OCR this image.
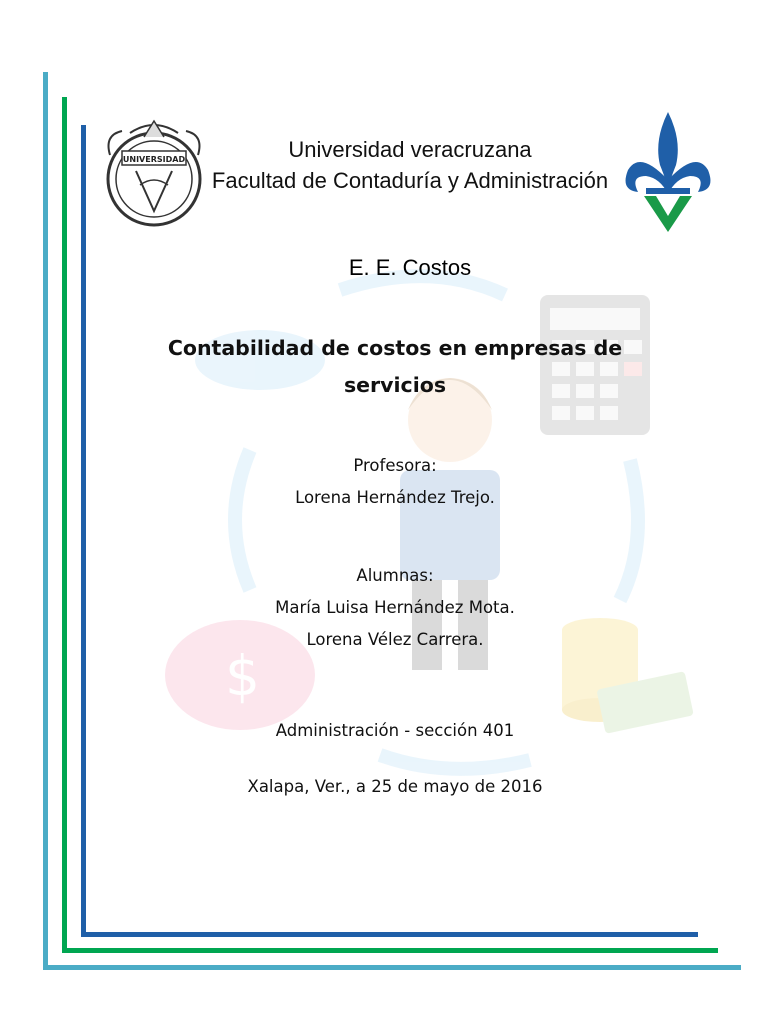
$
UNIVERSIDAD	Universidad veracruzana
Facultad de Contaduría y Administración
E. E. Costos
Contabilidad de costos en empresas de servicios
Profesora:
Lorena Hernández Trejo.
Alumnas:
María Luisa Hernández Mota.
Lorena Vélez Carrera.
Administración - sección 401
Xalapa, Ver., a 25 de mayo de 2016
